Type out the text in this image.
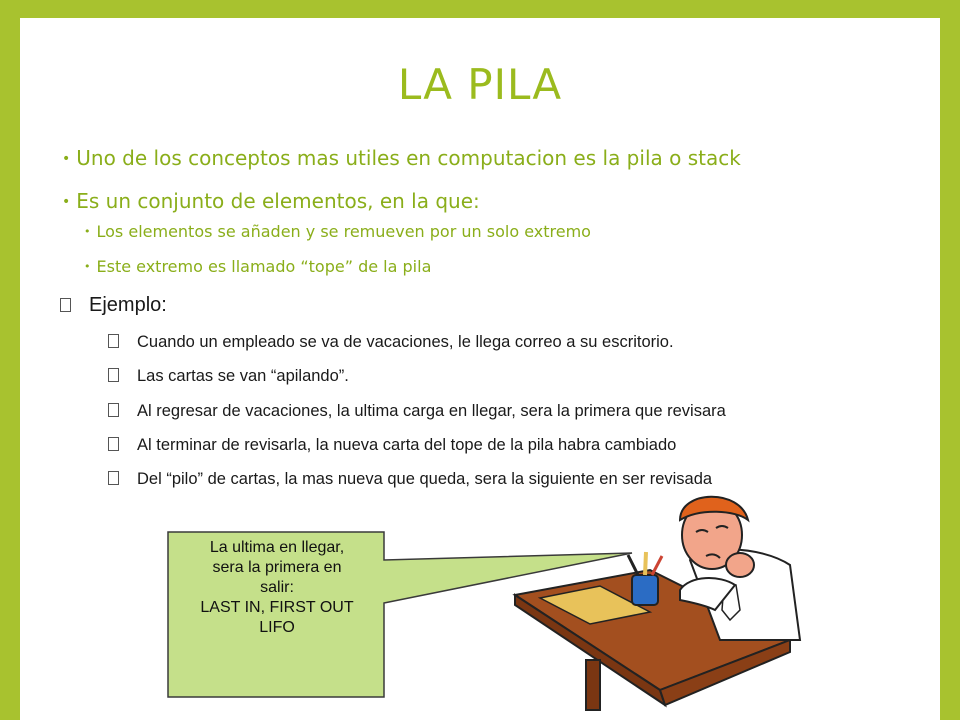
LA PILA
• Uno de los conceptos mas utiles en computacion es la pila o stack
• Es un conjunto de elementos, en la que:
• Los elementos se añaden y se remueven por un solo extremo
• Este extremo es llamado “tope” de la pila
Ejemplo:
Cuando un empleado se va de vacaciones, le llega correo a su escritorio.
Las cartas se van “apilando”.
Al regresar de vacaciones, la ultima carga en llegar, sera la primera que revisara
Al terminar de revisarla, la nueva carta del tope de la pila habra cambiado
Del “pilo” de cartas, la mas nueva que queda, sera la siguiente en ser revisada
La ultima en llegar,
sera la primera en
salir:
LAST IN, FIRST OUT
LIFO
